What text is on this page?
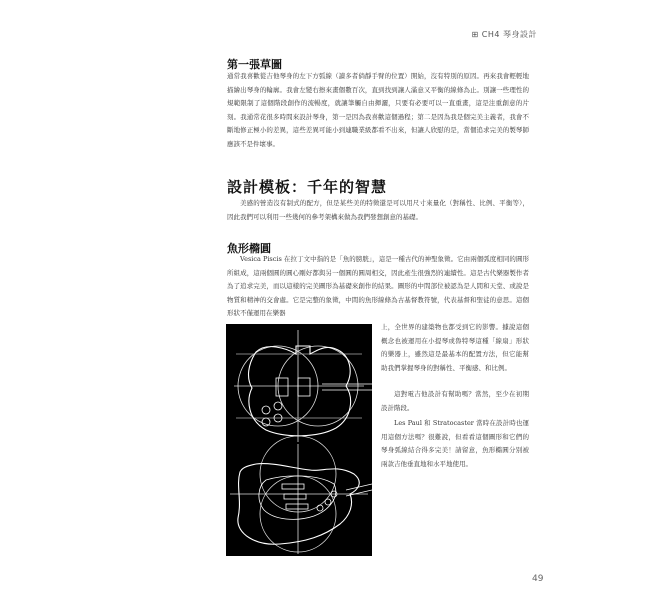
⊞ CH4 琴身設計
第一張草圖

通常我喜歡從吉他琴身的左下方弧線（讀多者倘靜手臂的位置）開始，沒有特別的原因。再來我會輕輕地描繪出琴身的輪廓。我會左變右擦來畫個數百次，直到找到讓人滿意又平衡的線條為止。別讓一些理性的規範限制了這個階段創作的流暢度，就讓筆觸自由揮灑，只要有必要可以一直重畫，這是注重創意的片刻。我通常花很多時間來設計琴身，第一是因為我喜歡這個過程；第二是因為我是個完美主義者，我會不斷地修正極小的差異，這些差異可能小到連職業級都看不出來，但讓人欣慰的是，當個追求完美的製琴師應該不是件壞事。

設計模板：千年的智慧

美感的營造沒有制式的配方，但是某些美的特徵還是可以用尺寸來量化（對稱性、比例、平衡等），因此我們可以利用一些幾何的參考架構來做為我們發想創意的基礎。

魚形橢圓

Vesica Piscis 在拉丁文中指的是「魚的膀胱」，這是一種古代的神聖象徵。它由兩個弧度相同的圓形所組成，這兩個圓的圓心剛好都與另一個圓的圓周相交，因此產生很強烈的連續性。這是古代樂器製作者為了追求完美，而以這樣的完美圖形為基礎來創作的結果。圖形的中間部位被認為是人間和天堂、或說是物質和精神的交會處。它是完整的象徵，中間的魚形線條為古基督教符號，代表基督和聖徒的意思。這個形狀不僅運用在樂器

上，全世界的建築物也都受到它的影響。據說這個概念也被運用在小提琴或魯特琴這種「線扇」形狀的樂器上，雖然這是最基本的配置方法，但它能幫助我們掌握琴身的對稱性、平衡感、和比例。

這對電吉他設計有幫助嗎？當然，至少在初期設計階段。

Les Paul 和 Stratocaster 當時在設計時也運用這個方法嗎？很難說，但看看這個圖形和它們的琴身弧線結合得多完美！請留意，魚形橢圓分別被兩款吉他垂直地和水平地使用。

49
